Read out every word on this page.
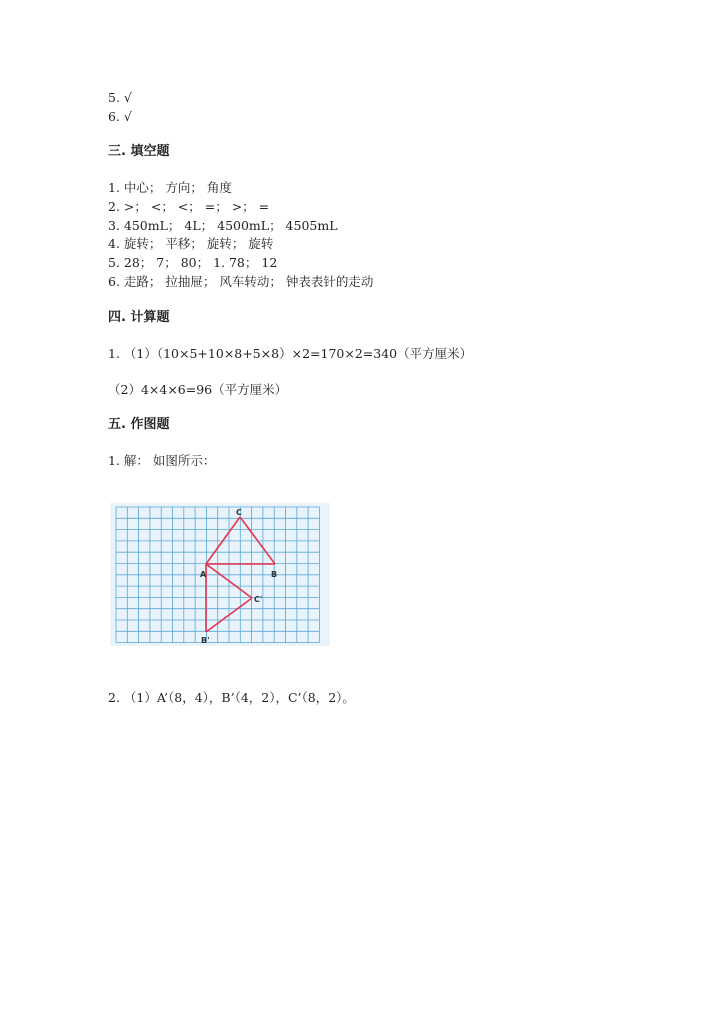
5. √
6. √
三. 填空题
1. 中心； 方向； 角度
2. >； <； <； =； >； =
3. 450mL； 4L； 4500mL； 4505mL
4. 旋转； 平移； 旋转； 旋转
5. 28； 7； 80； 1. 78； 12
6. 走路； 拉抽屉； 风车转动； 钟表表针的走动
四. 计算题
1. （1）（10×5+10×8+5×8）×2=170×2=340（平方厘米）
（2）4×4×6=96（平方厘米）
五. 作图题
1. 解： 如图所示：
C
A	B
C'
B'
2. （1）A’（8，4），B’（4，2），C’（8，2）。
